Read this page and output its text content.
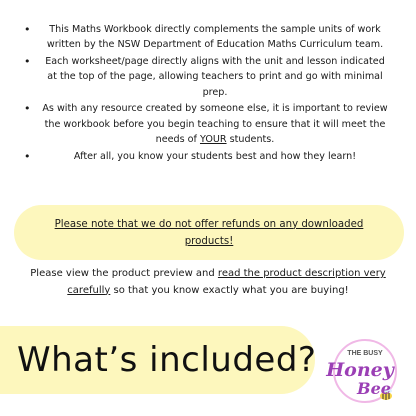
• This Maths Workbook directly complements the sample units of work written by the NSW Department of Education Maths Curriculum team.
• Each worksheet/page directly aligns with the unit and lesson indicated at the top of the page, allowing teachers to print and go with minimal prep.
• As with any resource created by someone else, it is important to review the workbook before you begin teaching to ensure that it will meet the needs of YOUR students.
•	After all, you know your students best and how they learn!
Please note that we do not offer refunds on any downloaded products!
Please view the product preview and read the product description very carefully so that you know exactly what you are buying!
What’s included?	THE BUSY
Honey
Bee
